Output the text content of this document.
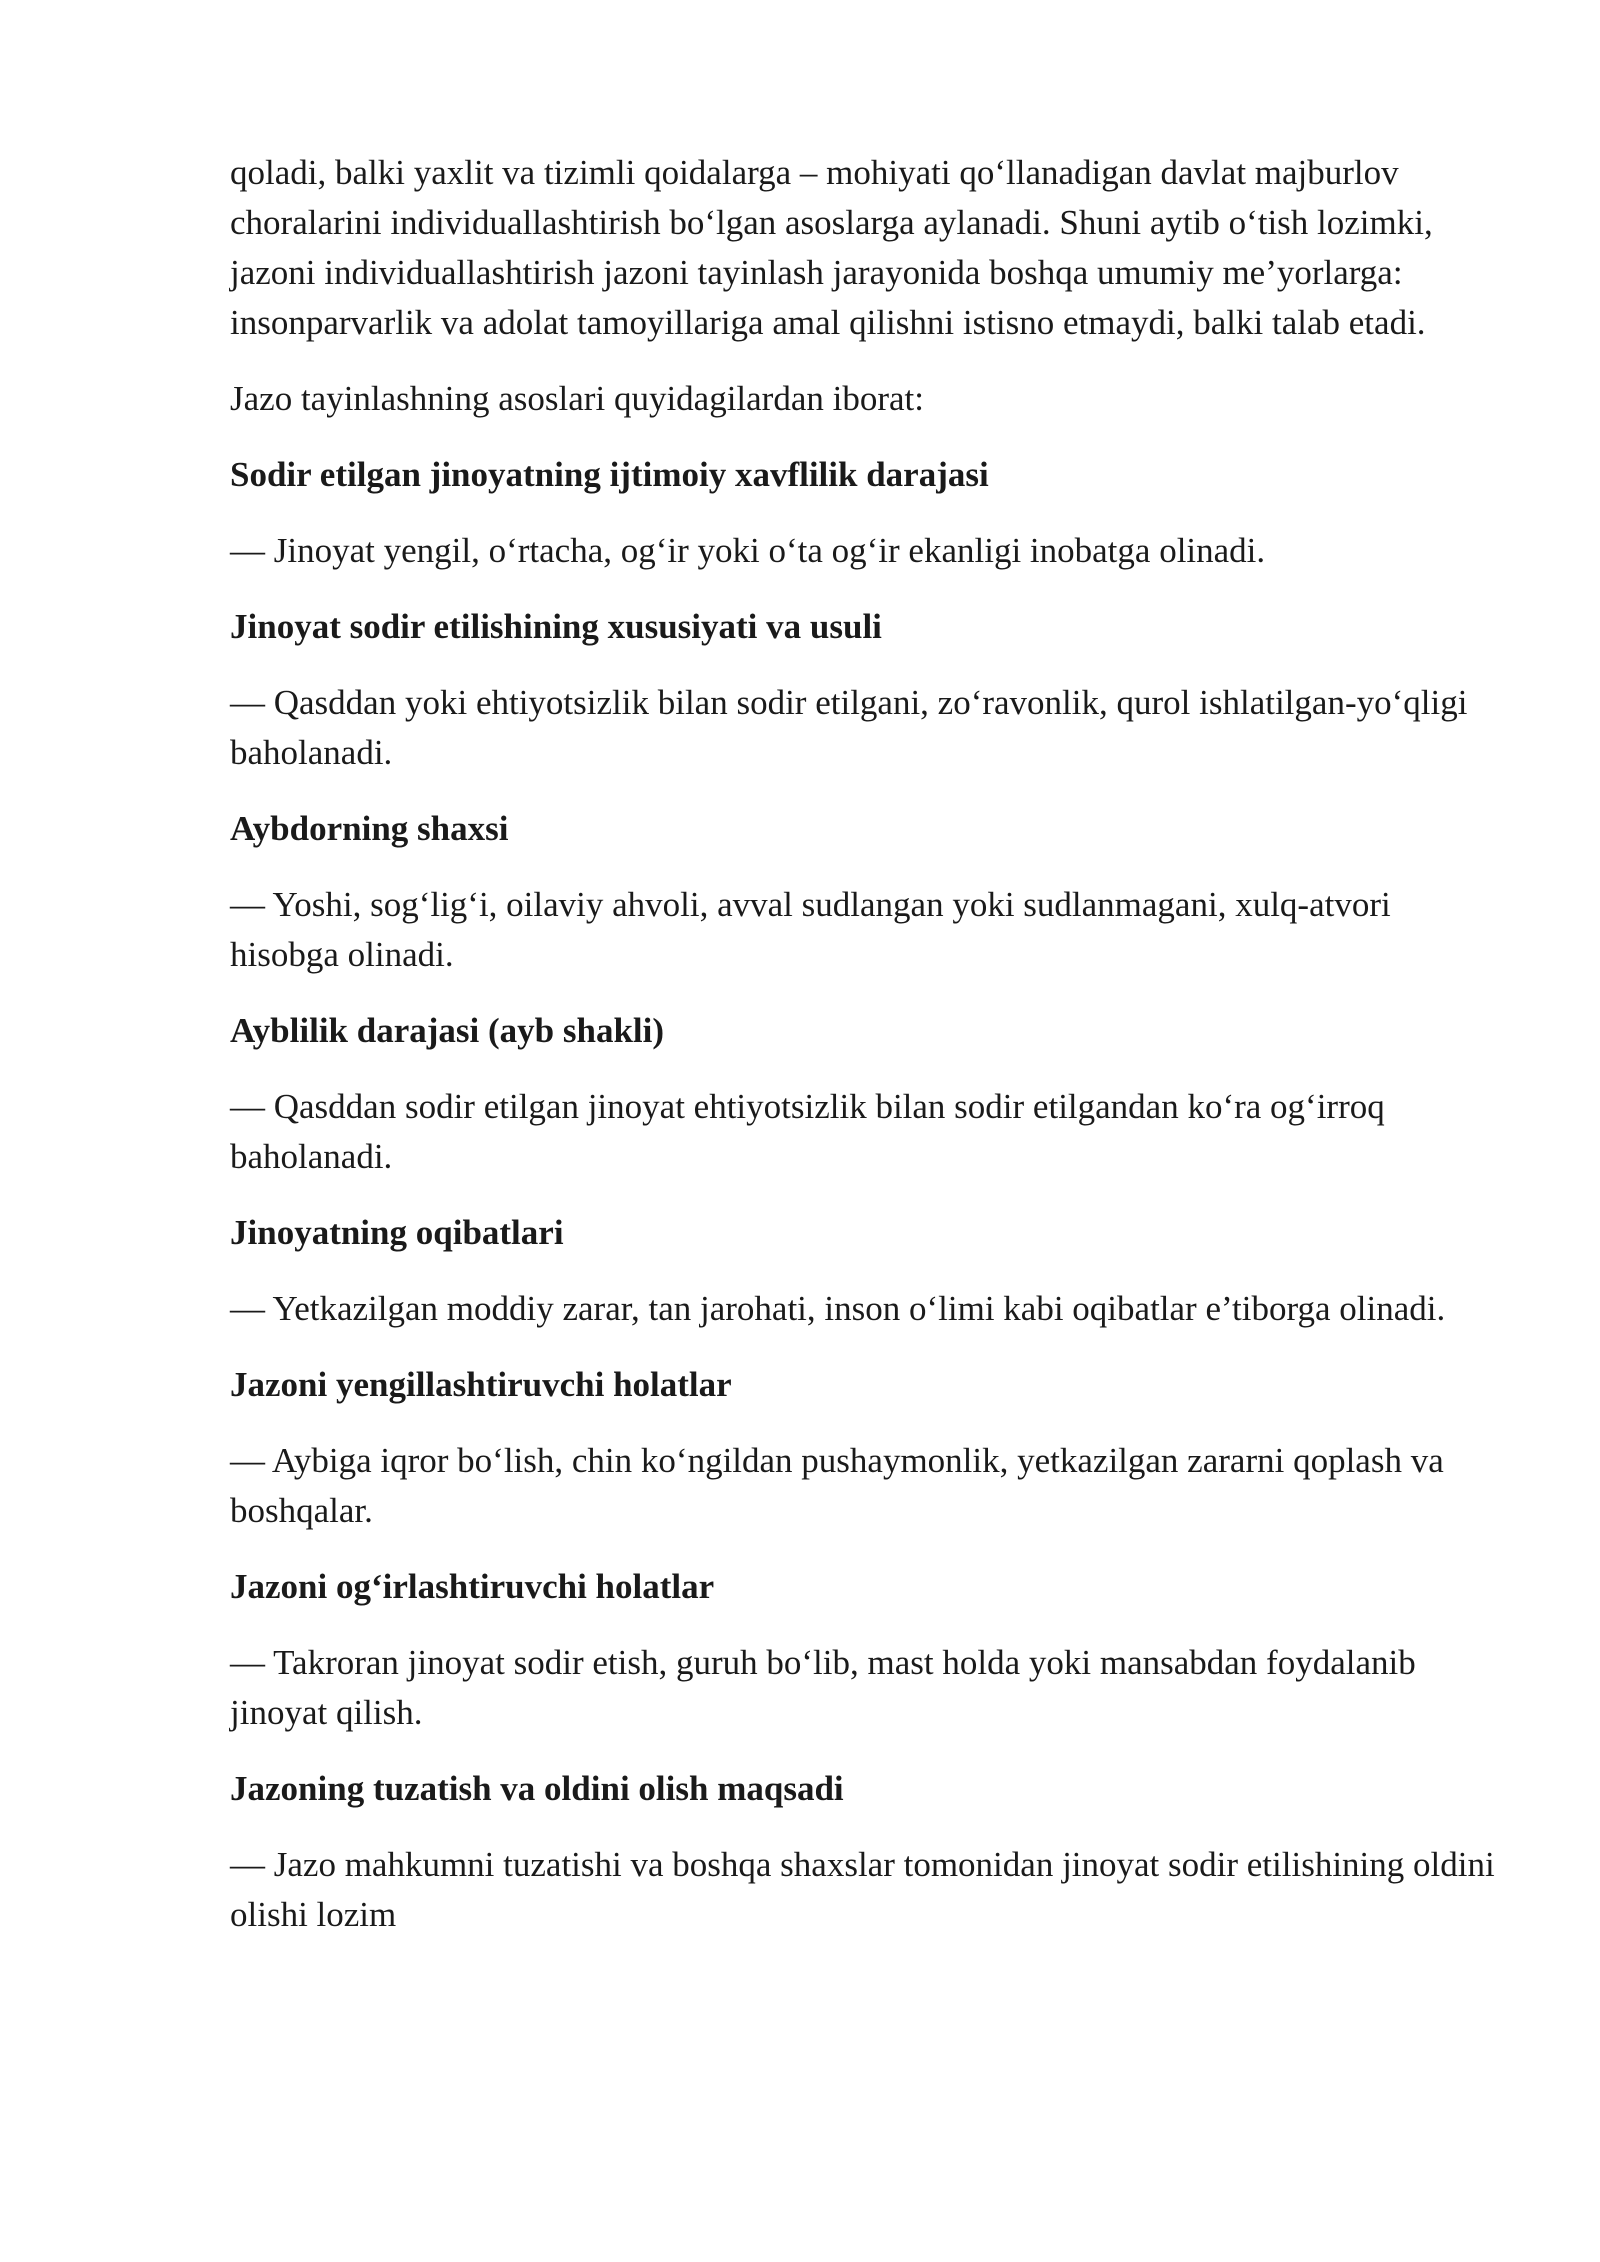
qoladi, balki yaxlit va tizimli qoidalarga – mohiyati qo‘llanadigan davlat majburlov choralarini individuallashtirish bo‘lgan asoslarga aylanadi. Shuni aytib o‘tish lozimki, jazoni individuallashtirish jazoni tayinlash jarayonida boshqa umumiy me’yorlarga: insonparvarlik va adolat tamoyillariga amal qilishni istisno etmaydi, balki talab etadi.

Jazo tayinlashning asoslari quyidagilardan iborat:

Sodir etilgan jinoyatning ijtimoiy xavflilik darajasi

— Jinoyat yengil, o‘rtacha, og‘ir yoki o‘ta og‘ir ekanligi inobatga olinadi.

Jinoyat sodir etilishining xususiyati va usuli

— Qasddan yoki ehtiyotsizlik bilan sodir etilgani, zo‘ravonlik, qurol ishlatilgan-yo‘qligi baholanadi.

Aybdorning shaxsi

— Yoshi, sog‘lig‘i, oilaviy ahvoli, avval sudlangan yoki sudlanmagani, xulq-atvori hisobga olinadi.

Ayblilik darajasi (ayb shakli)

— Qasddan sodir etilgan jinoyat ehtiyotsizlik bilan sodir etilgandan ko‘ra og‘irroq baholanadi.

Jinoyatning oqibatlari

— Yetkazilgan moddiy zarar, tan jarohati, inson o‘limi kabi oqibatlar e’tiborga olinadi.

Jazoni yengillashtiruvchi holatlar

— Aybiga iqror bo‘lish, chin ko‘ngildan pushaymonlik, yetkazilgan zararni qoplash va boshqalar.

Jazoni og‘irlashtiruvchi holatlar

— Takroran jinoyat sodir etish, guruh bo‘lib, mast holda yoki mansabdan foydalanib jinoyat qilish.

Jazoning tuzatish va oldini olish maqsadi

— Jazo mahkumni tuzatishi va boshqa shaxslar tomonidan jinoyat sodir etilishining oldini olishi lozim
